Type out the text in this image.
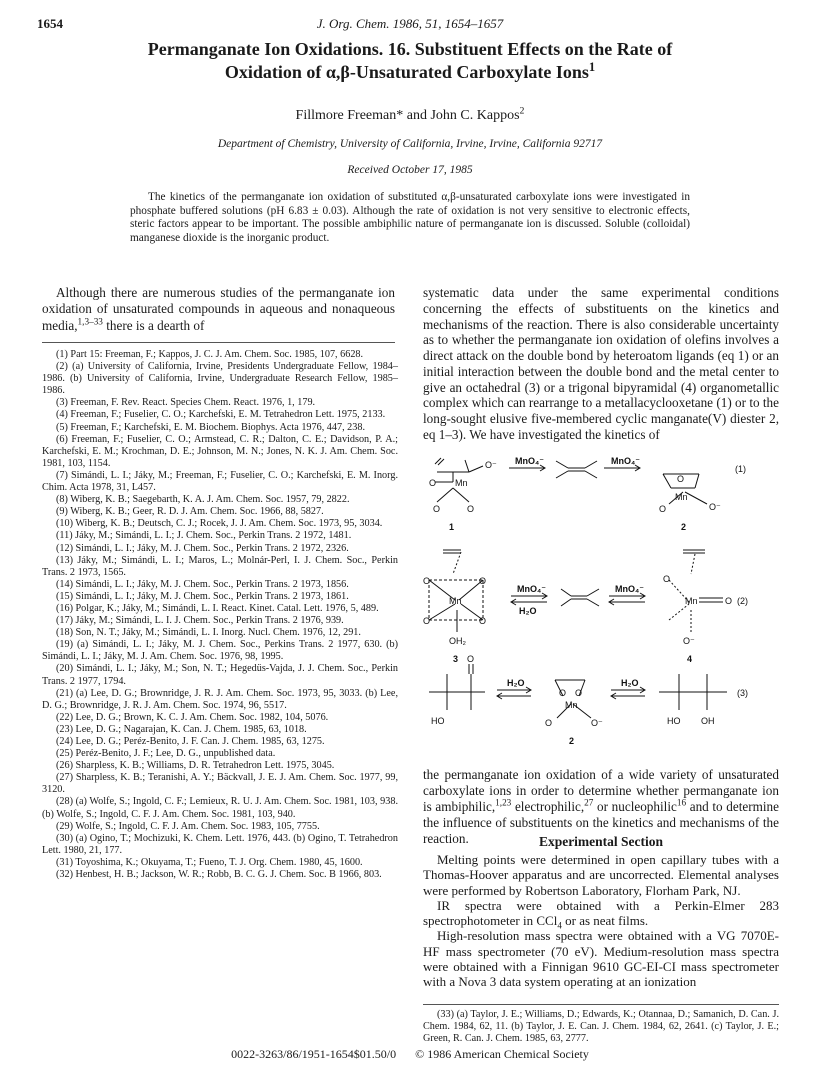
1654	J. Org. Chem. 1986, 51, 1654–1657
Permanganate Ion Oxidations. 16. Substituent Effects on the Rate of
Oxidation of α,β-Unsaturated Carboxylate Ions$^1$
Fillmore Freeman* and John C. Kappos$^2$
Department of Chemistry, University of California, Irvine, Irvine, California 92717
Received October 17, 1985
The kinetics of the permanganate ion oxidation of substituted α,β-unsaturated carboxylate ions were investigated in phosphate buffered solutions (pH 6.83 ± 0.03). Although the rate of oxidation is not very sensitive to electronic effects, steric factors appear to be important. The possible ambiphilic nature of permanganate ion is discussed. Soluble (colloidal) manganese dioxide is the inorganic product.
Although there are numerous studies of the permanganate ion oxidation of unsaturated compounds in aqueous and nonaqueous media,$^{1,3-33}$ there is a dearth of

(1) Part 15: Freeman, F.; Kappos, J. C. J. Am. Chem. Soc. 1985, 107, 6628.

(2) (a) University of California, Irvine, Presidents Undergraduate Fellow, 1984–1986. (b) University of California, Irvine, Undergraduate Research Fellow, 1985–1986.

(3) Freeman, F. Rev. React. Species Chem. React. 1976, 1, 179.

(4) Freeman, F.; Fuselier, C. O.; Karchefski, E. M. Tetrahedron Lett. 1975, 2133.

(5) Freeman, F.; Karchefski, E. M. Biochem. Biophys. Acta 1976, 447, 238.

(6) Freeman, F.; Fuselier, C. O.; Armstead, C. R.; Dalton, C. E.; Davidson, P. A.; Karchefski, E. M.; Krochman, D. E.; Johnson, M. N.; Jones, N. K. J. Am. Chem. Soc. 1981, 103, 1154.

(7) Simándi, L. I.; Jáky, M.; Freeman, F.; Fuselier, C. O.; Karchefski, E. M. Inorg. Chim. Acta 1978, 31, L457.

(8) Wiberg, K. B.; Saegebarth, K. A. J. Am. Chem. Soc. 1957, 79, 2822.

(9) Wiberg, K. B.; Geer, R. D. J. Am. Chem. Soc. 1966, 88, 5827.

(10) Wiberg, K. B.; Deutsch, C. J.; Rocek, J. J. Am. Chem. Soc. 1973, 95, 3034.

(11) Jáky, M.; Simándi, L. I.; J. Chem. Soc., Perkin Trans. 2 1972, 1481.

(12) Simándi, L. I.; Jáky, M. J. Chem. Soc., Perkin Trans. 2 1972, 2326.

(13) Jáky, M.; Simándi, L. I.; Maros, L.; Molnár-Perl, I. J. Chem. Soc., Perkin Trans. 2 1973, 1565.

(14) Simándi, L. I.; Jáky, M. J. Chem. Soc., Perkin Trans. 2 1973, 1856.

(15) Simándi, L. I.; Jáky, M. J. Chem. Soc., Perkin Trans. 2 1973, 1861.

(16) Polgar, K.; Jáky, M.; Simándi, L. I. React. Kinet. Catal. Lett. 1976, 5, 489.

(17) Jáky, M.; Simándi, L. I. J. Chem. Soc., Perkin Trans. 2 1976, 939.

(18) Son, N. T.; Jáky, M.; Simándi, L. I. Inorg. Nucl. Chem. 1976, 12, 291.

(19) (a) Simándi, L. I.; Jáky, M. J. Chem. Soc., Perkins Trans. 2 1977, 630. (b) Simándi, L. I.; Jáky, M. J. Am. Chem. Soc. 1976, 98, 1995.

(20) Simándi, L. I.; Jáky, M.; Son, N. T.; Hegedüs-Vajda, J. J. Chem. Soc., Perkin Trans. 2 1977, 1794.

(21) (a) Lee, D. G.; Brownridge, J. R. J. Am. Chem. Soc. 1973, 95, 3033. (b) Lee, D. G.; Brownridge, J. R. J. Am. Chem. Soc. 1974, 96, 5517.

(22) Lee, D. G.; Brown, K. C. J. Am. Chem. Soc. 1982, 104, 5076.

(23) Lee, D. G.; Nagarajan, K. Can. J. Chem. 1985, 63, 1018.

(24) Lee, D. G.; Peréz-Benito, J. F. Can. J. Chem. 1985, 63, 1275.

(25) Peréz-Benito, J. F.; Lee, D. G., unpublished data.

(26) Sharpless, K. B.; Williams, D. R. Tetrahedron Lett. 1975, 3045.

(27) Sharpless, K. B.; Teranishi, A. Y.; Bäckvall, J. E. J. Am. Chem. Soc. 1977, 99, 3120.

(28) (a) Wolfe, S.; Ingold, C. F.; Lemieux, R. U. J. Am. Chem. Soc. 1981, 103, 938. (b) Wolfe, S.; Ingold, C. F. J. Am. Chem. Soc. 1981, 103, 940.

(29) Wolfe, S.; Ingold, C. F. J. Am. Chem. Soc. 1983, 105, 7755.

(30) (a) Ogino, T.; Mochizuki, K. Chem. Lett. 1976, 443. (b) Ogino, T. Tetrahedron Lett. 1980, 21, 177.

(31) Toyoshima, K.; Okuyama, T.; Fueno, T. J. Org. Chem. 1980, 45, 1600.

(32) Henbest, H. B.; Jackson, W. R.; Robb, B. C. G. J. Chem. Soc. B 1966, 803.

systematic data under the same experimental conditions concerning the effects of substituents on the kinetics and mechanisms of the reaction. There is also considerable uncertainty as to whether the permanganate ion oxidation of olefins involves a direct attack on the double bond by heteroatom ligands (eq 1) or an initial interaction between the double bond and the metal center to give an octahedral (3) or a trigonal bipyramidal (4) organometallic complex which can rearrange to a metallacyclooxetane (1) or to the long-sought elusive five-membered cyclic manganate(V) diester 2, eq 1–3). We have investigated the kinetics of
O⁻
O Mn
O	O
MnO₄⁻	MnO₄⁻
O
Mn
O	O⁻
(1)
1	2
O	O
O	O
Mn
OH₂
MnO₄⁻
H₂O
MnO₄⁻
O
Mn	O (2)
O⁻
3	4
O
HO
H₂O
O O
Mn
O	O⁻
H₂O
HO OH
(3)
2
the permanganate ion oxidation of a wide variety of unsaturated carboxylate ions in order to determine whether permanganate ion is ambiphilic,$^{1,23}$ electrophilic,$^{27}$ or nucleophilic$^{16}$ and to determine the influence of substituents on the kinetics and mechanisms of the reaction.	Experimental Section

Melting points were determined in open capillary tubes with a Thomas-Hoover apparatus and are uncorrected. Elemental analyses were performed by Robertson Laboratory, Florham Park, NJ.

IR spectra were obtained with a Perkin-Elmer 283 spectrophotometer in CCl$_4$ or as neat films.

High-resolution mass spectra were obtained with a VG 7070E-HF mass spectrometer (70 eV). Medium-resolution mass spectra were obtained with a Finnigan 9610 GC-EI-CI mass spectrometer with a Nova 3 data system operating at an ionization

(33) (a) Taylor, J. E.; Williams, D.; Edwards, K.; Otannaa, D.; Samanich, D. Can. J. Chem. 1984, 62, 11. (b) Taylor, J. E. Can. J. Chem. 1984, 62, 2641. (c) Taylor, J. E.; Green, R. Can. J. Chem. 1985, 63, 2777.
0022-3263/86/1951-1654$01.50/0 © 1986 American Chemical Society
